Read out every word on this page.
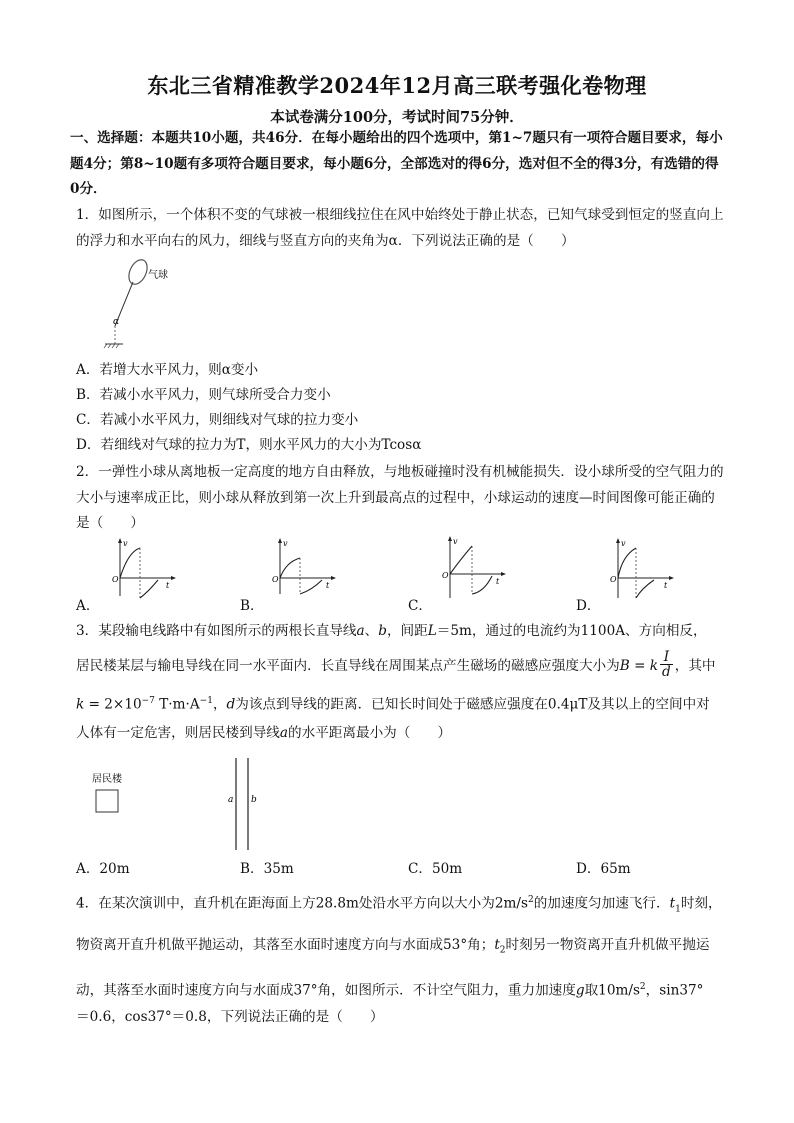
东北三省精准教学2024年12月高三联考强化卷物理
本试卷满分100分，考试时间75分钟．

一、选择题：本题共10小题，共46分．在每小题给出的四个选项中，第1~7题只有一项符合题目要求，每小题4分；第8~10题有多项符合题目要求，每小题6分，全部选对的得6分，选对但不全的得3分，有选错的得0分．

1．如图所示，一个体积不变的气球被一根细线拉住在风中始终处于静止状态，已知气球受到恒定的竖直向上的浮力和水平向右的风力，细线与竖直方向的夹角为α．下列说法正确的是（　　）

气球
α
A．若增大水平风力，则α变小
B．若减小水平风力，则气球所受合力变小
C．若减小水平风力，则细线对气球的拉力变小
D．若细线对气球的拉力为T，则水平风力的大小为Tcosα

2．一弹性小球从离地板一定高度的地方自由释放，与地板碰撞时没有机械能损失．设小球所受的空气阻力的大小与速率成正比，则小球从释放到第一次上升到最高点的过程中，小球运动的速度—时间图像可能正确的是（　　）

v
O
t
v
O
t
v
O
t
v
O
t
A．	B．	C．	D．
3．某段输电线路中有如图所示的两根长直导线a、b，间距L＝5m，通过的电流约为1100A、方向相反，
居民楼某层与输电导线在同一水平面内．长直导线在周围某点产生磁场的磁感应强度大小为B = k $\frac{I}{d}$ ，其中
$k = 2\times 10^{-7}$ $T\cdot m\cdot A^{-1}$，d为该点到导线的距离．已知长时间处于磁感应强度在0.4μT及其以上的空间中对
人体有一定危害，则居民楼到导线a的水平距离最小为（　　）
居民楼
a b
A．20m	B．35m	C．50m	D．65m
4．在某次演训中，直升机在距海面上方28.8m处沿水平方向以大小为$2m/s^2$的加速度匀加速飞行．$t_1$时刻，
物资离开直升机做平抛运动，其落至水面时速度方向与水面成53°角；$t_2$时刻另一物资离开直升机做平抛运
动，其落至水面时速度方向与水面成37°角，如图所示．不计空气阻力，重力加速度g取$10m/s^2$，sin37°
＝0.6，cos37°＝0.8，下列说法正确的是（　　）
